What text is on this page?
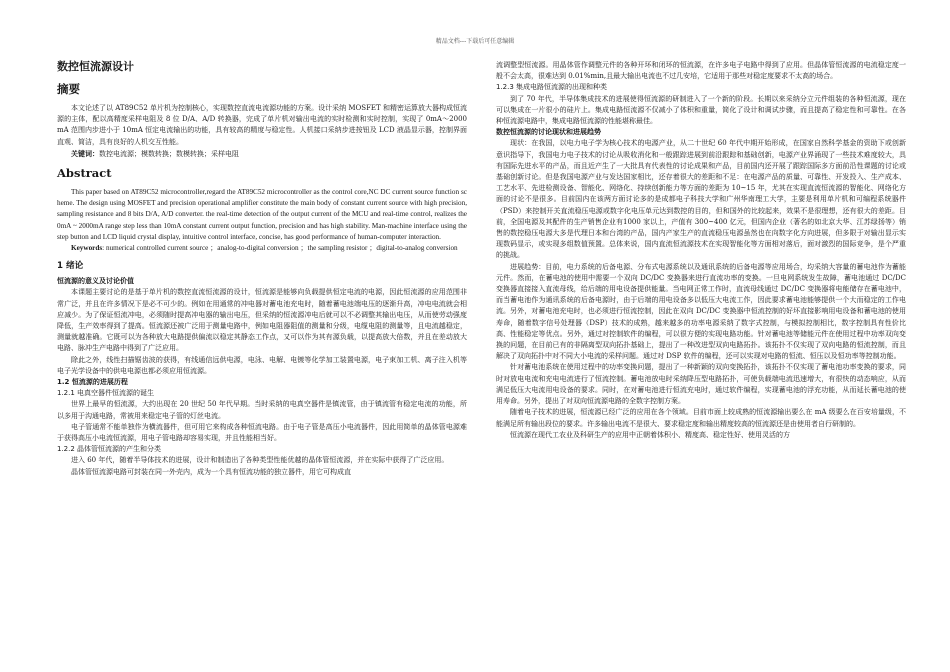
精品文档---下载后可任意编辑
数控恒流源设计
摘要

本文论述了以 AT89C52 单片机为控制核心，实现数控直流电流源功能的方案。设计采纳 MOSFET 和精密运算放大器构成恒流源的主体，配以高精度采样电阻及 8 位 D/A、A/D 转换器，完成了单片机对输出电流的实时检测和实时控制，实现了 0mA～2000mA 范围内步进小于 10mA 恒定电流输出的功能，具有较高的精度与稳定性。人机接口采纳步进按钮及 LCD 液晶显示器，控制界面直观、简洁，具有良好的人机交互性能。

关键词：数控电流源；模数转换；数模转换；采样电阻

Abstract

This paper based on AT89C52 microcontroller,regard the AT89C52 microcontroller as the control core,NC DC current source function scheme. The design using MOSFET and precision operational amplifier constitute the main body of constant current source with high precision, sampling resistance and 8 bits D/A, A/D converter. the real-time detection of the output current of the MCU and real-time control, realizes the 0mA ~ 2000mA range step less than 10mA constant current output function, precision and has high stability. Man-machine interface using the step button and LCD liquid crystal display, intuitive control interface, concise, has good performance of human-computer interaction.

Keywords: numerical controlled current source ；analog-to-digital conversion ；the sampling resistor ；digital-to-analog conversion

1 绪论
恒流源的意义及讨论价值

本课题主要讨论的是基于单片机的数控直流恒流源的设计，恒流源是能够向负载提供恒定电流的电源，因此恒流源的应用范围非常广泛，并且在许多情况下是必不可少的。例如在用通常的冲电器对蓄电池充电时，随着蓄电池端电压的逐渐升高，冲电电流就会相应减少。为了保证恒流冲电，必须随时提高冲电器的输出电压，但采纳的恒流源冲电后就可以不必调整其输出电压，从而使劳动强度降低，生产效率得到了提高。恒流源还被广泛用于测量电路中，例如电阻器阻值的测量和分级，电缆电阻的测量等，且电流越稳定，测量就越准确。它既可以为各种放大电路提供偏流以稳定其静态工作点，又可以作为其有源负载，以提高放大倍数，并且在差动放大电路、脉冲生产电路中得到了广泛应用。

除此之外，线性扫描锯齿波的获得，有线通信远供电源，电泳、电解、电镀等化学加工装置电源，电子束加工机、离子注入机等电子光学设备中的供电电源也都必须应用恒流源。

1.2 恒流源的进展历程
1.2.1 电真空器件恒流源的诞生

世界上最早的恒流源，大约出现在 20 世纪 50 年代早期。当时采纳的电真空器件是镇流管，由于镇流管有稳定电流的功能，所以多用于沟通电路，常被用来稳定电子管的灯丝电流。

电子管通常不能单独作为横流器件，但可用它来构成各种恒流电路。由于电子管是高压小电流器件，因此用简单的晶体管电源难于获得高压小电流恒流源，用电子管电路却容易实现，并且性能相当好。

1.2.2 晶体管恒流源的产生和分类

进入 60 年代，随着半导体技术的进展，设计和制造出了各种类型性能优越的晶体管恒流源，并在实际中获得了广泛应用。

晶体管恒流源电路可封装在同一外壳内，成为一个具有恒流功能的独立器件，用它可构成直

流调整型恒流源。用晶体管作调整元件的各种开环和闭环的恒流源，在许多电子电路中得到了应用。但晶体管恒流源的电流稳定度一般不会太高，很难达到 0.01%min,且最大输出电流也不过几安培，它适用于那些对稳定度要求不太高的场合。

1.2.3 集成电路恒流源的出现和种类

到了 70 年代，半导体集成技术的进展使得恒流源的研制进入了一个新的阶段。长期以来采纳分立元件组装的各种恒流源，现在可以集成在一片很小的硅片上。集成电路恒流源不仅减小了体积和重量，简化了设计和调试步骤，而且提高了稳定性和可靠性。在各种恒流源电路中，集成电路恒流源的性能堪称最佳。

数控恒流源的讨论现状和进展趋势

现状：在我国，以电力电子学为核心技术的电源产业，从二十世纪 60 年代中期开始形成，在国家自然科学基金的资助下或创新意识指导下，我国电力电子技术的讨论从吸收消化和一般跟踪进展到前沿跟踪和基础创新，电源产业界涌现了一些技术难度较大，具有国际先进水平的产品，而且近产生了一大批具有代表性的讨论成果和产品，目前国内还开展了跟踪国际多方面前沿性课题的讨论或基础创新讨论。但是我国电源产业与发达国家相比，还存着很大的差距和不足：在电源产品的质量、可靠性、开发投入、生产成本、工艺水平、先进检测设备、智能化、网络化、持续创新能力等方面的差距为 10~15 年，尤其在实现直流恒流源的智能化、网络化方面的讨论不是很多。目前国内在该两方面讨论多的是成都电子科技大学和广州华南理工大学，主要是利用单片机和可编程系统器件（PSD）来控制开关直流稳压电源或数字化电压单元达到数控的目的，但和国外的比较起来，效果不是很理想，还有很大的差距。目前，全国电源及其配件的生产销售企业有1000 家以上，产值有 300~400 亿元，但国内企业（著名的如北京大华、江苏绿扬等）销售的数控稳压电源大多是代理日本和台湾的产品，国内产家生产的直流稳压电源虽然也在向数字化方向进展，但多限于对输出显示实现数码显示，或实现多组数值预置。总体来说，国内直流恒流源技术在实现智能化等方面相对落后，面对激烈的国际竞争，是个严重的挑战。

进展趋势：目前，电力系统的后备电源、分布式电源系统以及通讯系统的后备电源等应用场合，均采纳大容量的蓄电池作为蓄能元件。然而，在蓄电池的使用中需要一个双向 DC/DC 变换器来进行直流功率的变换。一旦电网系统发生故障，蓄电池通过 DC/DC 变换器直接接入直流母线，给后端的用电设备提供能量。当电网正常工作时，直流母线通过 DC/DC 变换器将电能储存在蓄电池中，而当蓄电池作为通讯系统的后备电源时，由于后端的用电设备多以低压大电流工作，因此要求蓄电池能够提供一个大而稳定的工作电流。另外，对蓄电池充电时，也必须进行恒流控制，因此在双向 DC/DC 变换器中恒流控制的好坏直接影响用电设备和蓄电池的使用寿命，随着数字信号处理器（DSP）技术的成熟，越来越多的功率电源采纳了数字式控制，与模拟控制相比，数字控制具有性价比高、性能稳定等优点。另外，通过对控制软件的编程，可以很方便的实现电路功能。针对蓄电池等储能元件在使用过程中功率双向变换的问题，在目前已有的非隔离型双向拓扑基础上，提出了一种改进型双向电路拓扑。该拓扑不仅实现了双向电路的恒流控制，而且解决了双向拓扑中对不同大小电流的采样问题。通过对 DSP 软件的编程，还可以实现对电路的恒流、恒压以及恒功率等控制功能。

针对蓄电池系统在使用过程中的功率变换问题，提出了一种新颖的双向变换拓扑，该拓扑不仅实现了蓄电池功率变换的要求，同时对放电电流和充电电流进行了恒流控制。蓄电池放电时采纳降压型电路拓扑，可使负载端电流迅速增大，有很快的动态响应，从而满足低压大电流用电设备的要求。同时，在对蓄电池进行恒流充电时，通过软件编程，实现蓄电池的浮充功能，从而延长蓄电池的使用寿命。另外，提出了对双向恒流源电路的全数字控制方案。

随着电子技术的进展，恒流源已经广泛的应用在各个领域。目前市面上较成熟的恒流源输出要么在 mA 级要么在百安培量级，不能满足所有输出段位的要求。许多输出电流不是很大、要求稳定度和输出精度较高的恒流源还是由使用者自行研制的。

恒流源在现代工农业及科研生产的应用中正朝着体积小、精度高、稳定性好、使用灵活的方
